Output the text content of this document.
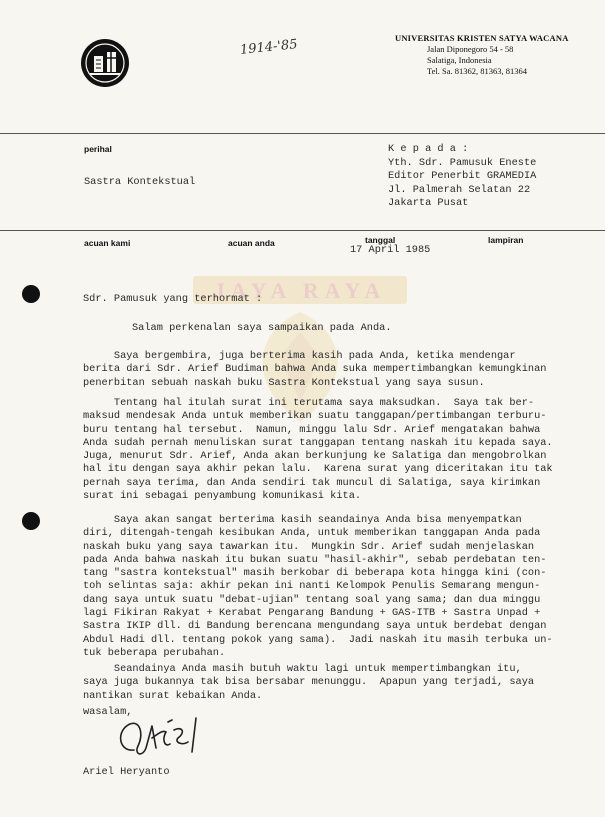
JAYA RAYA
1914-'85	UNIVERSITAS KRISTEN SATYA WACANA
Jalan Diponegoro 54 - 58
Salatiga, Indonesia
Tel. Sa. 81362, 81363, 81364
perihal
Sastra Kontekstual
K e p a d a :
Yth. Sdr. Pamusuk Eneste
Editor Penerbit GRAMEDIA
Jl. Palmerah Selatan 22
Jakarta Pusat
acuan kami	acuan anda	tanggal
17 April 1985
lampiran
Sdr. Pamusuk yang terhormat :
Salam perkenalan saya sampaikan pada Anda.
Saya bergembira, juga berterima kasih pada Anda, ketika mendengar
berita dari Sdr. Arief Budiman bahwa Anda suka mempertimbangkan kemungkinan
penerbitan sebuah naskah buku Sastra Kontekstual yang saya susun.
Tentang hal itulah surat ini terutama saya maksudkan.  Saya tak ber-
maksud mendesak Anda untuk memberikan suatu tanggapan/pertimbangan terburu-
buru tentang hal tersebut.  Namun, minggu lalu Sdr. Arief mengatakan bahwa
Anda sudah pernah menuliskan surat tanggapan tentang naskah itu kepada saya.
Juga, menurut Sdr. Arief, Anda akan berkunjung ke Salatiga dan mengobrolkan
hal itu dengan saya akhir pekan lalu.  Karena surat yang diceritakan itu tak
pernah saya terima, dan Anda sendiri tak muncul di Salatiga, saya kirimkan
surat ini sebagai penyambung komunikasi kita.
Saya akan sangat berterima kasih seandainya Anda bisa menyempatkan
diri, ditengah-tengah kesibukan Anda, untuk memberikan tanggapan Anda pada
naskah buku yang saya tawarkan itu.  Mungkin Sdr. Arief sudah menjelaskan
pada Anda bahwa naskah itu bukan suatu "hasil-akhir", sebab perdebatan ten-
tang "sastra kontekstual" masih berkobar di beberapa kota hingga kini (con-
toh selintas saja: akhir pekan ini nanti Kelompok Penulis Semarang mengun-
dang saya untuk suatu "debat-ujian" tentang soal yang sama; dan dua minggu
lagi Fikiran Rakyat + Kerabat Pengarang Bandung + GAS-ITB + Sastra Unpad +
Sastra IKIP dll. di Bandung berencana mengundang saya untuk berdebat dengan
Abdul Hadi dll. tentang pokok yang sama).  Jadi naskah itu masih terbuka un-
tuk beberapa perubahan.
Seandainya Anda masih butuh waktu lagi untuk mempertimbangkan itu,
saya juga bukannya tak bisa bersabar menunggu.  Apapun yang terjadi, saya
nantikan surat kebaikan Anda.
wasalam,
Ariel Heryanto
